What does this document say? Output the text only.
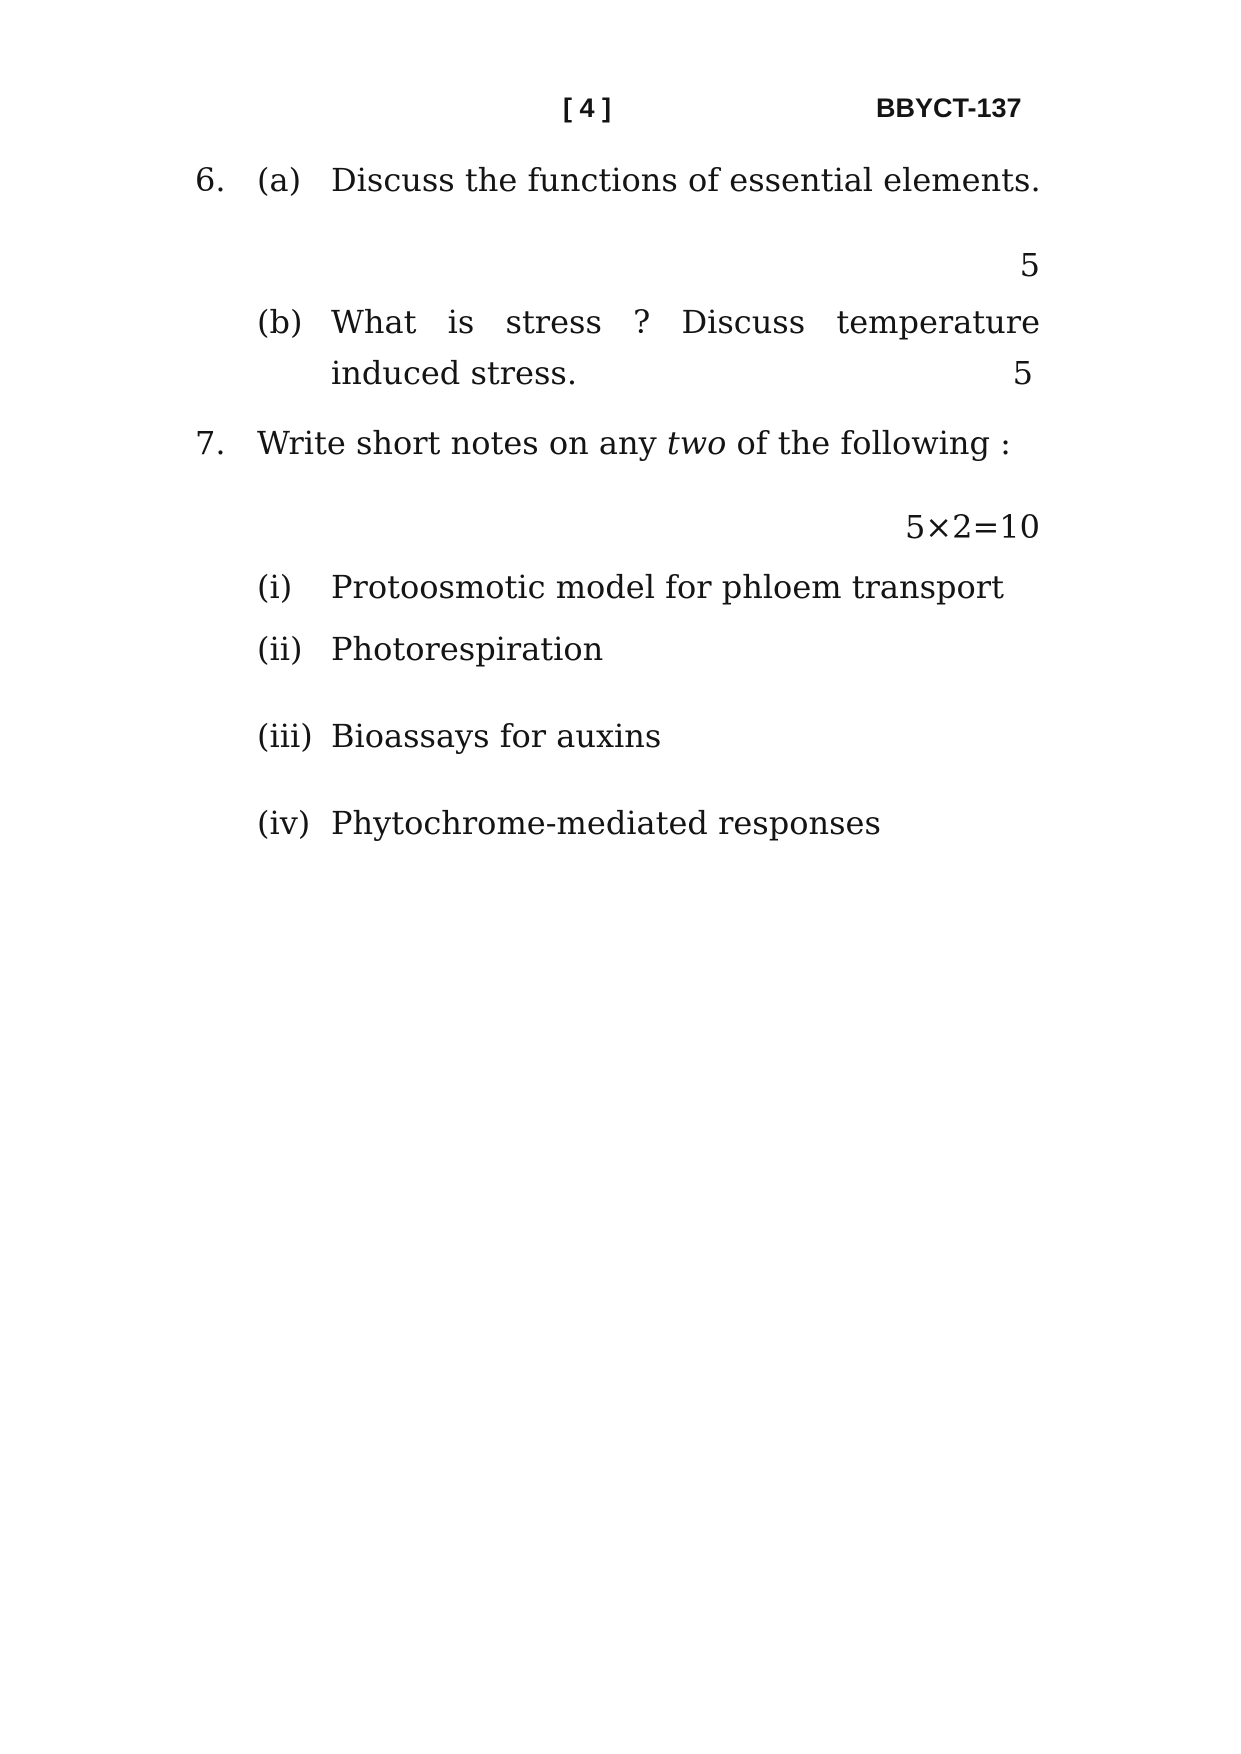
[ 4 ]	BBYCT-137
6. (a) Discuss the functions of essential elements.
5
(b) What is stress ? Discuss temperature
induced stress.	5
7. Write short notes on any two of the following :
5×2=10
(i) Protoosmotic model for phloem transport
(ii) Photorespiration
(iii) Bioassays for auxins
(iv) Phytochrome-mediated responses
